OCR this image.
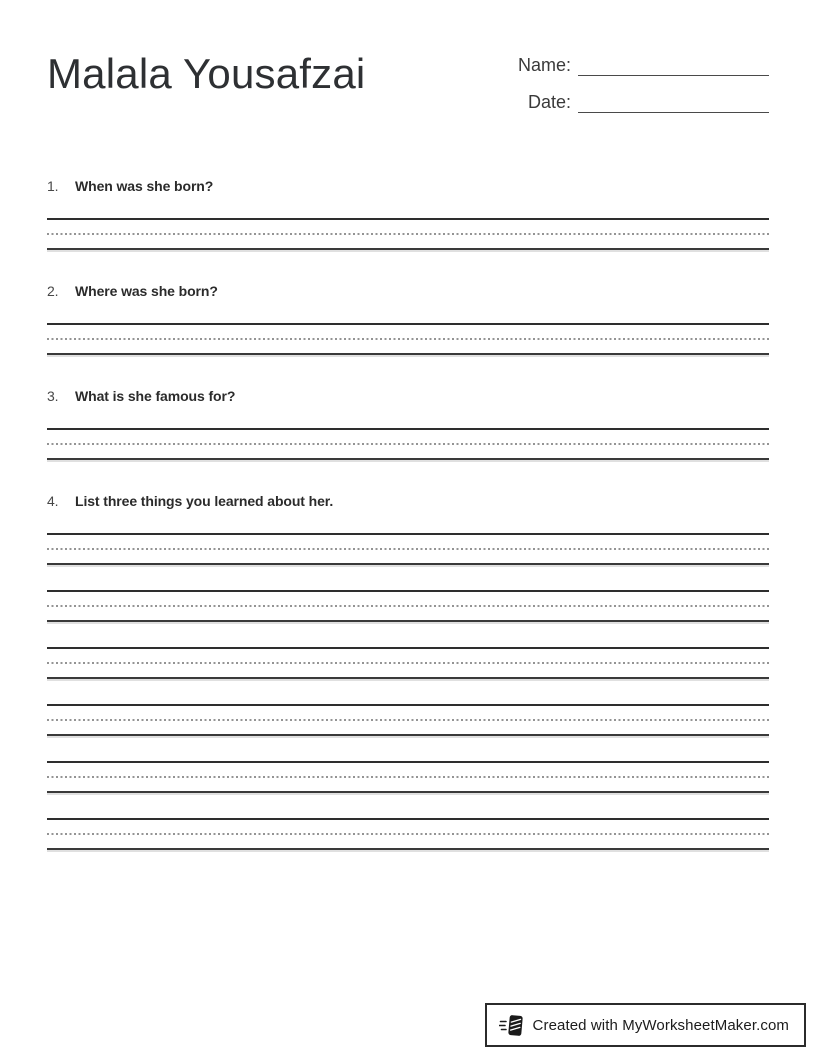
Malala Yousafzai	Name:
Date:
1.	When was she born?
2.	Where was she born?
3.	What is she famous for?
4.	List three things you learned about her.
Created with MyWorksheetMaker.com
